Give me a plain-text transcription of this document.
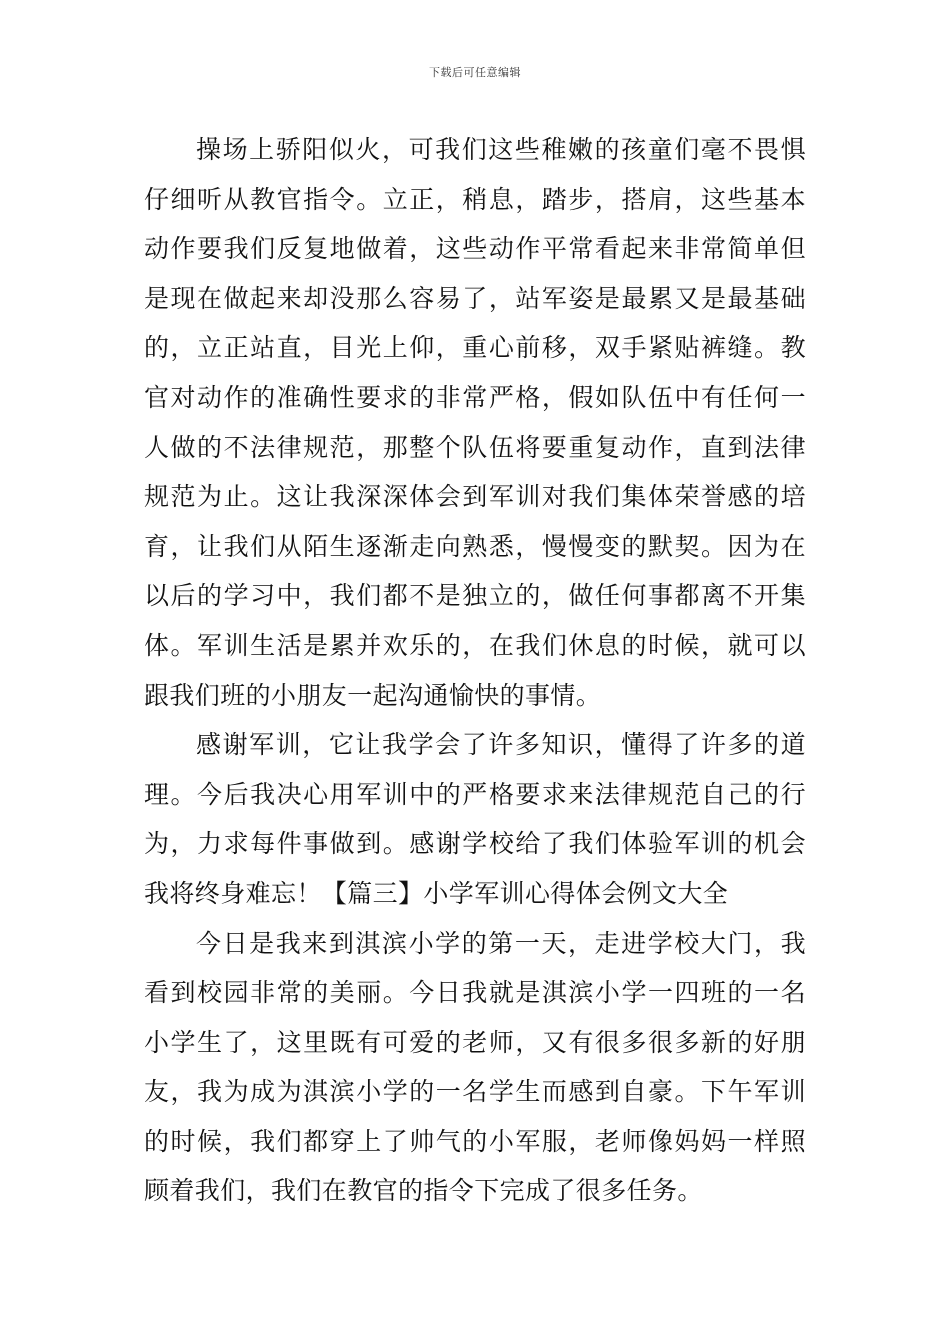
下载后可任意编辑
操场上骄阳似火，可我们这些稚嫩的孩童们毫不畏惧
仔细听从教官指令。立正，稍息，踏步，搭肩，这些基本
动作要我们反复地做着，这些动作平常看起来非常简单但
是现在做起来却没那么容易了，站军姿是最累又是最基础
的，立正站直，目光上仰，重心前移，双手紧贴裤缝。教
官对动作的准确性要求的非常严格，假如队伍中有任何一
人做的不法律规范，那整个队伍将要重复动作，直到法律
规范为止。这让我深深体会到军训对我们集体荣誉感的培
育，让我们从陌生逐渐走向熟悉，慢慢变的默契。因为在
以后的学习中，我们都不是独立的，做任何事都离不开集
体。军训生活是累并欢乐的，在我们休息的时候，就可以
跟我们班的小朋友一起沟通愉快的事情。
感谢军训，它让我学会了许多知识，懂得了许多的道
理。今后我决心用军训中的严格要求来法律规范自己的行
为，力求每件事做到。感谢学校给了我们体验军训的机会
我将终身难忘！【篇三】小学军训心得体会例文大全
今日是我来到淇滨小学的第一天，走进学校大门，我
看到校园非常的美丽。今日我就是淇滨小学一四班的一名
小学生了，这里既有可爱的老师，又有很多很多新的好朋
友，我为成为淇滨小学的一名学生而感到自豪。下午军训
的时候，我们都穿上了帅气的小军服，老师像妈妈一样照
顾着我们，我们在教官的指令下完成了很多任务。
